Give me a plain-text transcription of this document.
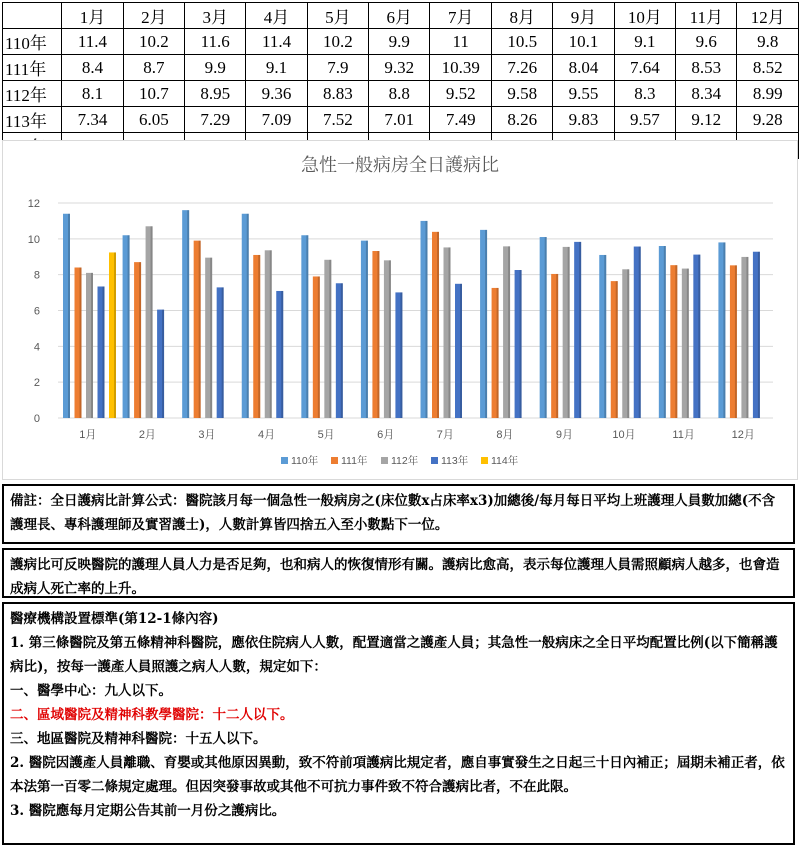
	1月	2月	3月	4月	5月	6月	7月	8月	9月	10月	11月	12月
110年	11.4	10.2	11.6	11.4	10.2	9.9	11	10.5	10.1	9.1	9.6	9.8
111年	8.4	8.7	9.9	9.1	7.9	9.32	10.39	7.26	8.04	7.64	8.53	8.52
112年	8.1	10.7	8.95	9.36	8.83	8.8	9.52	9.58	9.55	8.3	8.34	8.99
113年	7.34	6.05	7.29	7.09	7.52	7.01	7.49	8.26	9.83	9.57	9.12	9.28

急性一般病房全日護病比
0
2
4
6
8
10
12
1月	2月	3月	4月	5月	6月	7月	8月	9月	10月	11月	12月
110年 111年 112年 113年 114年
備註：全日護病比計算公式：醫院該月每一個急性一般病房之(床位數x占床率x3)加總後/每月每日平均上班護理人員數加總(不含護理長、專科護理師及實習護士)，人數計算皆四捨五入至小數點下一位。
護病比可反映醫院的護理人員人力是否足夠，也和病人的恢復情形有關。護病比愈高，表示每位護理人員需照顧病人越多，也會造成病人死亡率的上升。
醫療機構設置標準(第12-1條內容)
1. 第三條醫院及第五條精神科醫院，應依住院病人人數，配置適當之護產人員；其急性一般病床之全日平均配置比例(以下簡稱護病比)，按每一護產人員照護之病人人數，規定如下：
一、醫學中心：九人以下。
二、區域醫院及精神科教學醫院：十二人以下。
三、地區醫院及精神科醫院：十五人以下。
2. 醫院因護產人員離職、育嬰或其他原因異動，致不符前項護病比規定者，應自事實發生之日起三十日內補正；屆期未補正者，依本法第一百零二條規定處理。但因突發事故或其他不可抗力事件致不符合護病比者，不在此限。
3. 醫院應每月定期公告其前一月份之護病比。
